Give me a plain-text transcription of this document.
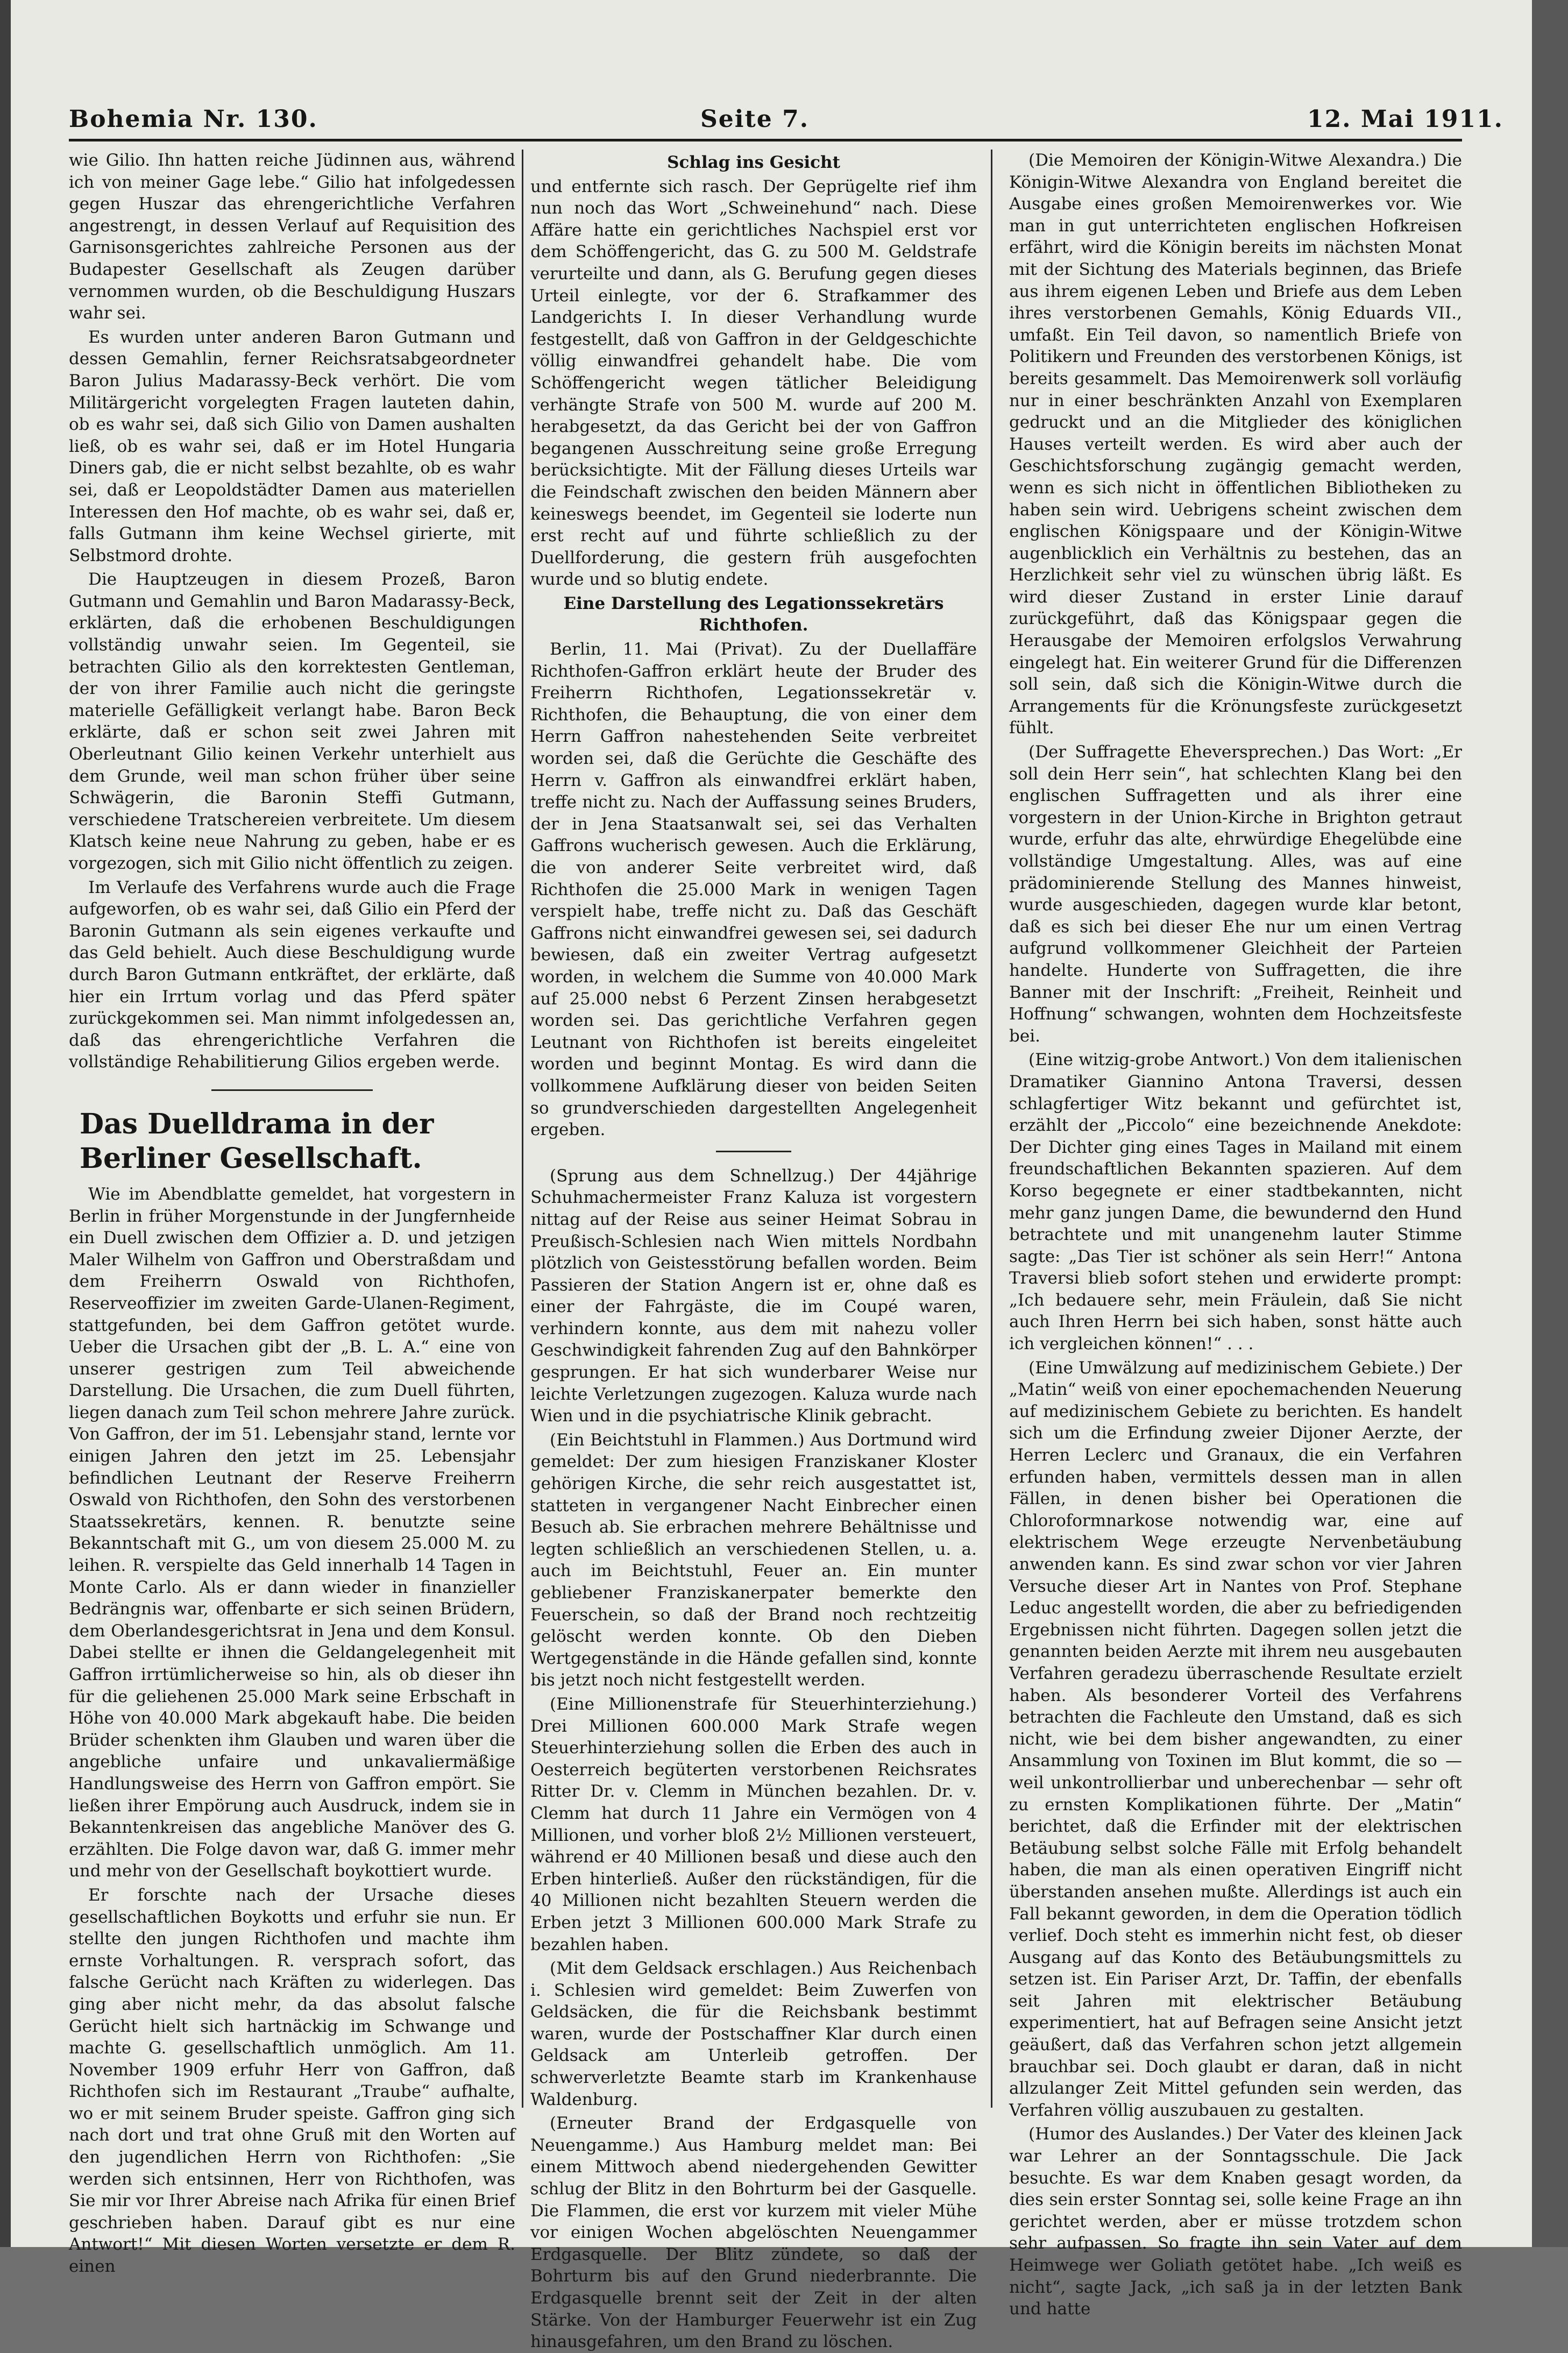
Bohemia Nr. 130.	Seite 7.	12. Mai 1911.

wie Gilio. Ihn hatten reiche Jüdinnen aus, während ich von meiner Gage lebe.“ Gilio hat infolgedessen gegen Huszar das ehrengerichtliche Verfahren angestrengt, in dessen Verlauf auf Requisition des Garnisonsgerichtes zahlreiche Personen aus der Budapester Gesellschaft als Zeugen darüber vernommen wurden, ob die Beschuldigung Huszars wahr sei.

Es wurden unter anderen Baron Gutmann und dessen Gemahlin, ferner Reichsratsabgeordneter Baron Julius Madarassy-Beck verhört. Die vom Militärgericht vorgelegten Fragen lauteten dahin, ob es wahr sei, daß sich Gilio von Damen aushalten ließ, ob es wahr sei, daß er im Hotel Hungaria Diners gab, die er nicht selbst bezahlte, ob es wahr sei, daß er Leopoldstädter Damen aus materiellen Interessen den Hof machte, ob es wahr sei, daß er, falls Gutmann ihm keine Wechsel girierte, mit Selbstmord drohte.

Die Hauptzeugen in diesem Prozeß, Baron Gutmann und Gemahlin und Baron Madarassy-Beck, erklärten, daß die erhobenen Beschuldigungen vollständig unwahr seien. Im Gegenteil, sie betrachten Gilio als den korrektesten Gentleman, der von ihrer Familie auch nicht die geringste materielle Gefälligkeit verlangt habe. Baron Beck erklärte, daß er schon seit zwei Jahren mit Oberleutnant Gilio keinen Verkehr unterhielt aus dem Grunde, weil man schon früher über seine Schwägerin, die Baronin Steffi Gutmann, verschiedene Tratschereien verbreitete. Um diesem Klatsch keine neue Nahrung zu geben, habe er es vorgezogen, sich mit Gilio nicht öffentlich zu zeigen.

Im Verlaufe des Verfahrens wurde auch die Frage aufgeworfen, ob es wahr sei, daß Gilio ein Pferd der Baronin Gutmann als sein eigenes verkaufte und das Geld behielt. Auch diese Beschuldigung wurde durch Baron Gutmann entkräftet, der erklärte, daß hier ein Irrtum vorlag und das Pferd später zurückgekommen sei. Man nimmt infolgedessen an, daß das ehrengerichtliche Verfahren die vollständige Rehabilitierung Gilios ergeben werde.

Das Duelldrama in der Berliner Gesellschaft.

Wie im Abendblatte gemeldet, hat vorgestern in Berlin in früher Morgenstunde in der Jungfernheide ein Duell zwischen dem Offizier a. D. und jetzigen Maler Wilhelm von Gaffron und Oberstraßdam und dem Freiherrn Oswald von Richthofen, Reserveoffizier im zweiten Garde-Ulanen-Regiment, stattgefunden, bei dem Gaffron getötet wurde. Ueber die Ursachen gibt der „B. L. A.“ eine von unserer gestrigen zum Teil abweichende Darstellung. Die Ursachen, die zum Duell führten, liegen danach zum Teil schon mehrere Jahre zurück. Von Gaffron, der im 51. Lebensjahr stand, lernte vor einigen Jahren den jetzt im 25. Lebensjahr befindlichen Leutnant der Reserve Freiherrn Oswald von Richthofen, den Sohn des verstorbenen Staatssekretärs, kennen. R. benutzte seine Bekanntschaft mit G., um von diesem 25.000 M. zu leihen. R. verspielte das Geld innerhalb 14 Tagen in Monte Carlo. Als er dann wieder in finanzieller Bedrängnis war, offenbarte er sich seinen Brüdern, dem Oberlandesgerichtsrat in Jena und dem Konsul. Dabei stellte er ihnen die Geldangelegenheit mit Gaffron irrtümlicherweise so hin, als ob dieser ihn für die geliehenen 25.000 Mark seine Erbschaft in Höhe von 40.000 Mark abgekauft habe. Die beiden Brüder schenkten ihm Glauben und waren über die angebliche unfaire und unkavaliermäßige Handlungsweise des Herrn von Gaffron empört. Sie ließen ihrer Empörung auch Ausdruck, indem sie in Bekanntenkreisen das angebliche Manöver des G. erzählten. Die Folge davon war, daß G. immer mehr und mehr von der Gesellschaft boykottiert wurde.

Er forschte nach der Ursache dieses gesellschaftlichen Boykotts und erfuhr sie nun. Er stellte den jungen Richthofen und machte ihm ernste Vorhaltungen. R. versprach sofort, das falsche Gerücht nach Kräften zu widerlegen. Das ging aber nicht mehr, da das absolut falsche Gerücht hielt sich hartnäckig im Schwange und machte G. gesellschaftlich unmöglich. Am 11. November 1909 erfuhr Herr von Gaffron, daß Richthofen sich im Restaurant „Traube“ aufhalte, wo er mit seinem Bruder speiste. Gaffron ging sich nach dort und trat ohne Gruß mit den Worten auf den jugendlichen Herrn von Richthofen: „Sie werden sich entsinnen, Herr von Richthofen, was Sie mir vor Ihrer Abreise nach Afrika für einen Brief geschrieben haben. Darauf gibt es nur eine Antwort!“ Mit diesen Worten versetzte er dem R. einen

Schlag ins Gesicht

und entfernte sich rasch. Der Geprügelte rief ihm nun noch das Wort „Schweinehund“ nach. Diese Affäre hatte ein gerichtliches Nachspiel erst vor dem Schöffengericht, das G. zu 500 M. Geldstrafe verurteilte und dann, als G. Berufung gegen dieses Urteil einlegte, vor der 6. Strafkammer des Landgerichts I. In dieser Verhandlung wurde festgestellt, daß von Gaffron in der Geldgeschichte völlig einwandfrei gehandelt habe. Die vom Schöffengericht wegen tätlicher Beleidigung verhängte Strafe von 500 M. wurde auf 200 M. herabgesetzt, da das Gericht bei der von Gaffron begangenen Ausschreitung seine große Erregung berücksichtigte. Mit der Fällung dieses Urteils war die Feindschaft zwischen den beiden Männern aber keineswegs beendet, im Gegenteil sie loderte nun erst recht auf und führte schließlich zu der Duellforderung, die gestern früh ausgefochten wurde und so blutig endete.

Eine Darstellung des Legationssekretärs Richthofen.

Berlin, 11. Mai (Privat). Zu der Duellaffäre Richthofen-Gaffron erklärt heute der Bruder des Freiherrn Richthofen, Legationssekretär v. Richthofen, die Behauptung, die von einer dem Herrn Gaffron nahestehenden Seite verbreitet worden sei, daß die Gerüchte die Geschäfte des Herrn v. Gaffron als einwandfrei erklärt haben, treffe nicht zu. Nach der Auffassung seines Bruders, der in Jena Staatsanwalt sei, sei das Verhalten Gaffrons wucherisch gewesen. Auch die Erklärung, die von anderer Seite verbreitet wird, daß Richthofen die 25.000 Mark in wenigen Tagen verspielt habe, treffe nicht zu. Daß das Geschäft Gaffrons nicht einwandfrei gewesen sei, sei dadurch bewiesen, daß ein zweiter Vertrag aufgesetzt worden, in welchem die Summe von 40.000 Mark auf 25.000 nebst 6 Perzent Zinsen herabgesetzt worden sei. Das gerichtliche Verfahren gegen Leutnant von Richthofen ist bereits eingeleitet worden und beginnt Montag. Es wird dann die vollkommene Aufklärung dieser von beiden Seiten so grundverschieden dargestellten Angelegenheit ergeben.

(Sprung aus dem Schnellzug.) Der 44jährige Schuhmachermeister Franz Kaluza ist vorgestern nittag auf der Reise aus seiner Heimat Sobrau in Preußisch-Schlesien nach Wien mittels Nordbahn plötzlich von Geistesstörung befallen worden. Beim Passieren der Station Angern ist er, ohne daß es einer der Fahrgäste, die im Coupé waren, verhindern konnte, aus dem mit nahezu voller Geschwindigkeit fahrenden Zug auf den Bahnkörper gesprungen. Er hat sich wunderbarer Weise nur leichte Verletzungen zugezogen. Kaluza wurde nach Wien und in die psychiatrische Klinik gebracht.

(Ein Beichtstuhl in Flammen.) Aus Dortmund wird gemeldet: Der zum hiesigen Franziskaner Kloster gehörigen Kirche, die sehr reich ausgestattet ist, statteten in vergangener Nacht Einbrecher einen Besuch ab. Sie erbrachen mehrere Behältnisse und legten schließlich an verschiedenen Stellen, u. a. auch im Beichtstuhl, Feuer an. Ein munter gebliebener Franziskanerpater bemerkte den Feuerschein, so daß der Brand noch rechtzeitig gelöscht werden konnte. Ob den Dieben Wertgegenstände in die Hände gefallen sind, konnte bis jetzt noch nicht festgestellt werden.

(Eine Millionenstrafe für Steuerhinterziehung.) Drei Millionen 600.000 Mark Strafe wegen Steuerhinterziehung sollen die Erben des auch in Oesterreich begüterten verstorbenen Reichsrates Ritter Dr. v. Clemm in München bezahlen. Dr. v. Clemm hat durch 11 Jahre ein Vermögen von 4 Millionen, und vorher bloß 2½ Millionen versteuert, während er 40 Millionen besaß und diese auch den Erben hinterließ. Außer den rückständigen, für die 40 Millionen nicht bezahlten Steuern werden die Erben jetzt 3 Millionen 600.000 Mark Strafe zu bezahlen haben.

(Mit dem Geldsack erschlagen.) Aus Reichenbach i. Schlesien wird gemeldet: Beim Zuwerfen von Geldsäcken, die für die Reichsbank bestimmt waren, wurde der Postschaffner Klar durch einen Geldsack am Unterleib getroffen. Der schwerverletzte Beamte starb im Krankenhause Waldenburg.

(Erneuter Brand der Erdgasquelle von Neuengamme.) Aus Hamburg meldet man: Bei einem Mittwoch abend niedergehenden Gewitter schlug der Blitz in den Bohrturm bei der Gasquelle. Die Flammen, die erst vor kurzem mit vieler Mühe vor einigen Wochen abgelöschten Neuengammer Erdgasquelle. Der Blitz zündete, so daß der Bohrturm bis auf den Grund niederbrannte. Die Erdgasquelle brennt seit der Zeit in der alten Stärke. Von der Hamburger Feuerwehr ist ein Zug hinausgefahren, um den Brand zu löschen.

(Die Memoiren der Königin-Witwe Alexandra.) Die Königin-Witwe Alexandra von England bereitet die Ausgabe eines großen Memoirenwerkes vor. Wie man in gut unterrichteten englischen Hofkreisen erfährt, wird die Königin bereits im nächsten Monat mit der Sichtung des Materials beginnen, das Briefe aus ihrem eigenen Leben und Briefe aus dem Leben ihres verstorbenen Gemahls, König Eduards VII., umfaßt. Ein Teil davon, so namentlich Briefe von Politikern und Freunden des verstorbenen Königs, ist bereits gesammelt. Das Memoirenwerk soll vorläufig nur in einer beschränkten Anzahl von Exemplaren gedruckt und an die Mitglieder des königlichen Hauses verteilt werden. Es wird aber auch der Geschichtsforschung zugängig gemacht werden, wenn es sich nicht in öffentlichen Bibliotheken zu haben sein wird. Uebrigens scheint zwischen dem englischen Königspaare und der Königin-Witwe augenblicklich ein Verhältnis zu bestehen, das an Herzlichkeit sehr viel zu wünschen übrig läßt. Es wird dieser Zustand in erster Linie darauf zurückgeführt, daß das Königspaar gegen die Herausgabe der Memoiren erfolgslos Verwahrung eingelegt hat. Ein weiterer Grund für die Differenzen soll sein, daß sich die Königin-Witwe durch die Arrangements für die Krönungsfeste zurückgesetzt fühlt.

(Der Suffragette Eheversprechen.) Das Wort: „Er soll dein Herr sein“, hat schlechten Klang bei den englischen Suffragetten und als ihrer eine vorgestern in der Union-Kirche in Brighton getraut wurde, erfuhr das alte, ehrwürdige Ehegelübde eine vollständige Umgestaltung. Alles, was auf eine prädominierende Stellung des Mannes hinweist, wurde ausgeschieden, dagegen wurde klar betont, daß es sich bei dieser Ehe nur um einen Vertrag aufgrund vollkommener Gleichheit der Parteien handelte. Hunderte von Suffragetten, die ihre Banner mit der Inschrift: „Freiheit, Reinheit und Hoffnung“ schwangen, wohnten dem Hochzeitsfeste bei.

(Eine witzig-grobe Antwort.) Von dem italienischen Dramatiker Giannino Antona Traversi, dessen schlagfertiger Witz bekannt und gefürchtet ist, erzählt der „Piccolo“ eine bezeichnende Anekdote: Der Dichter ging eines Tages in Mailand mit einem freundschaftlichen Bekannten spazieren. Auf dem Korso begegnete er einer stadtbekannten, nicht mehr ganz jungen Dame, die bewundernd den Hund betrachtete und mit unangenehm lauter Stimme sagte: „Das Tier ist schöner als sein Herr!“ Antona Traversi blieb sofort stehen und erwiderte prompt: „Ich bedauere sehr, mein Fräulein, daß Sie nicht auch Ihren Herrn bei sich haben, sonst hätte auch ich vergleichen können!“ . . .

(Eine Umwälzung auf medizinischem Gebiete.) Der „Matin“ weiß von einer epochemachenden Neuerung auf medizinischem Gebiete zu berichten. Es handelt sich um die Erfindung zweier Dijoner Aerzte, der Herren Leclerc und Granaux, die ein Verfahren erfunden haben, vermittels dessen man in allen Fällen, in denen bisher bei Operationen die Chloroformnarkose notwendig war, eine auf elektrischem Wege erzeugte Nervenbetäubung anwenden kann. Es sind zwar schon vor vier Jahren Versuche dieser Art in Nantes von Prof. Stephane Leduc angestellt worden, die aber zu befriedigenden Ergebnissen nicht führten. Dagegen sollen jetzt die genannten beiden Aerzte mit ihrem neu ausgebauten Verfahren geradezu überraschende Resultate erzielt haben. Als besonderer Vorteil des Verfahrens betrachten die Fachleute den Umstand, daß es sich nicht, wie bei dem bisher angewandten, zu einer Ansammlung von Toxinen im Blut kommt, die so — weil unkontrollierbar und unberechenbar — sehr oft zu ernsten Komplikationen führte. Der „Matin“ berichtet, daß die Erfinder mit der elektrischen Betäubung selbst solche Fälle mit Erfolg behandelt haben, die man als einen operativen Eingriff nicht überstanden ansehen mußte. Allerdings ist auch ein Fall bekannt geworden, in dem die Operation tödlich verlief. Doch steht es immerhin nicht fest, ob dieser Ausgang auf das Konto des Betäubungsmittels zu setzen ist. Ein Pariser Arzt, Dr. Taffin, der ebenfalls seit Jahren mit elektrischer Betäubung experimentiert, hat auf Befragen seine Ansicht jetzt geäußert, daß das Verfahren schon jetzt allgemein brauchbar sei. Doch glaubt er daran, daß in nicht allzulanger Zeit Mittel gefunden sein werden, das Verfahren völlig auszubauen zu gestalten.

(Humor des Auslandes.) Der Vater des kleinen Jack war Lehrer an der Sonntagsschule. Die Jack besuchte. Es war dem Knaben gesagt worden, da dies sein erster Sonntag sei, solle keine Frage an ihn gerichtet werden, aber er müsse trotzdem schon sehr aufpassen. So fragte ihn sein Vater auf dem Heimwege wer Goliath getötet habe. „Ich weiß es nicht“, sagte Jack, „ich saß ja in der letzten Bank und hatte
